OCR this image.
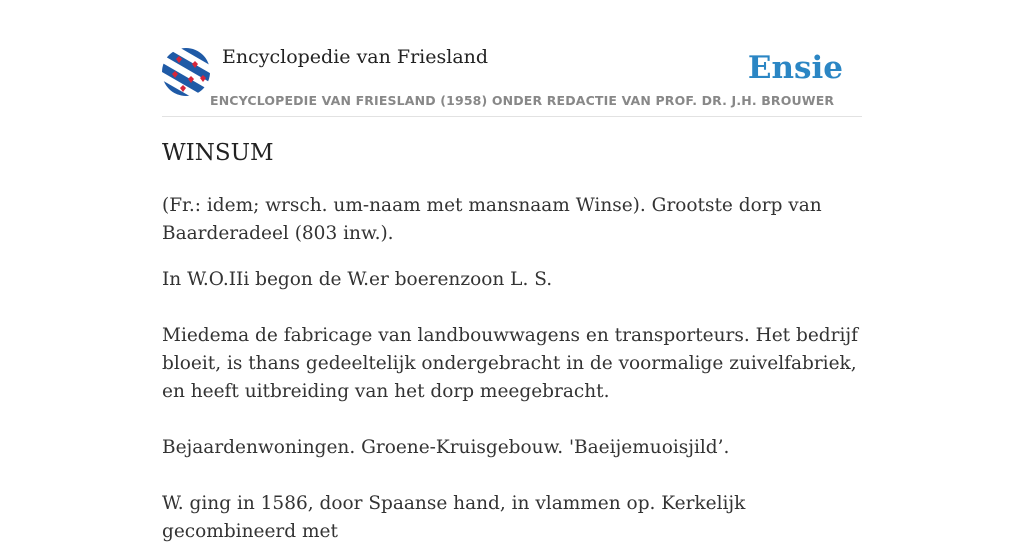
Encyclopedie van Friesland
ENCYCLOPEDIE VAN FRIESLAND (1958) ONDER REDACTIE VAN PROF. DR. J.H. BROUWER
Ensie
WINSUM

(Fr.: idem; wrsch. um-naam met mansnaam Winse). Grootste dorp van Baarderadeel (803 inw.).

In W.O.IIi begon de W.er boerenzoon L. S.

Miedema de fabricage van landbouwwagens en transporteurs. Het bedrijf bloeit, is thans gedeeltelijk ondergebracht in de voormalige zuivelfabriek, en heeft uitbreiding van het dorp meegebracht.

Bejaardenwoningen. Groene-Kruisgebouw. 'Baeijemuoisjild’.

W. ging in 1586, door Spaanse hand, in vlammen op. Kerkelijk gecombineerd met
